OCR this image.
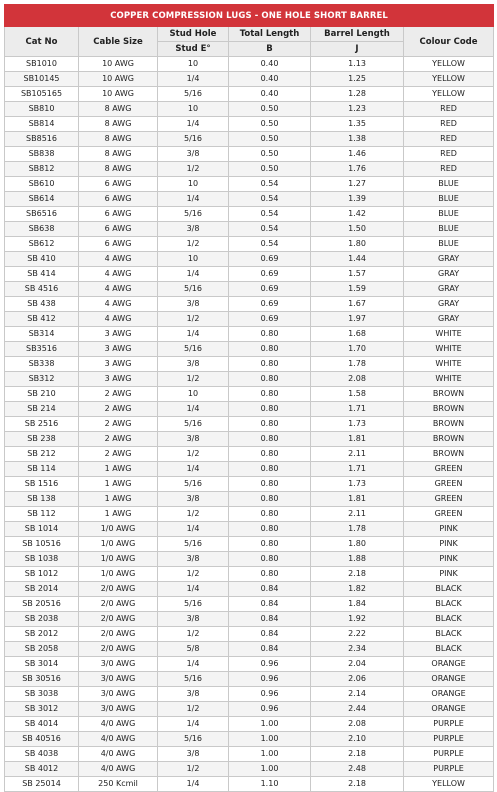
COPPER COMPRESSION LUGS - ONE HOLE SHORT BARREL					
Cat No	Cable Size	Stud Hole	Total Length	Barrel Length	Colour Code
		Stud E°	B	J	
SB1010	10 AWG	10	0.40	1.13	YELLOW
SB10145	10 AWG	1/4	0.40	1.25	YELLOW
SB105165	10 AWG	5/16	0.40	1.28	YELLOW
SB810	8 AWG	10	0.50	1.23	RED
SB814	8 AWG	1/4	0.50	1.35	RED
SB8516	8 AWG	5/16	0.50	1.38	RED
SB838	8 AWG	3/8	0.50	1.46	RED
SB812	8 AWG	1/2	0.50	1.76	RED
SB610	6 AWG	10	0.54	1.27	BLUE
SB614	6 AWG	1/4	0.54	1.39	BLUE
SB6516	6 AWG	5/16	0.54	1.42	BLUE
SB638	6 AWG	3/8	0.54	1.50	BLUE
SB612	6 AWG	1/2	0.54	1.80	BLUE
SB 410	4 AWG	10	0.69	1.44	GRAY
SB 414	4 AWG	1/4	0.69	1.57	GRAY
SB 4516	4 AWG	5/16	0.69	1.59	GRAY
SB 438	4 AWG	3/8	0.69	1.67	GRAY
SB 412	4 AWG	1/2	0.69	1.97	GRAY
SB314	3 AWG	1/4	0.80	1.68	WHITE
SB3516	3 AWG	5/16	0.80	1.70	WHITE
SB338	3 AWG	3/8	0.80	1.78	WHITE
SB312	3 AWG	1/2	0.80	2.08	WHITE
SB 210	2 AWG	10	0.80	1.58	BROWN
SB 214	2 AWG	1/4	0.80	1.71	BROWN
SB 2516	2 AWG	5/16	0.80	1.73	BROWN
SB 238	2 AWG	3/8	0.80	1.81	BROWN
SB 212	2 AWG	1/2	0.80	2.11	BROWN
SB 114	1 AWG	1/4	0.80	1.71	GREEN
SB 1516	1 AWG	5/16	0.80	1.73	GREEN
SB 138	1 AWG	3/8	0.80	1.81	GREEN
SB 112	1 AWG	1/2	0.80	2.11	GREEN
SB 1014	1/0 AWG	1/4	0.80	1.78	PINK
SB 10516	1/0 AWG	5/16	0.80	1.80	PINK
SB 1038	1/0 AWG	3/8	0.80	1.88	PINK
SB 1012	1/0 AWG	1/2	0.80	2.18	PINK
SB 2014	2/0 AWG	1/4	0.84	1.82	BLACK
SB 20516	2/0 AWG	5/16	0.84	1.84	BLACK
SB 2038	2/0 AWG	3/8	0.84	1.92	BLACK
SB 2012	2/0 AWG	1/2	0.84	2.22	BLACK
SB 2058	2/0 AWG	5/8	0.84	2.34	BLACK
SB 3014	3/0 AWG	1/4	0.96	2.04	ORANGE
SB 30516	3/0 AWG	5/16	0.96	2.06	ORANGE
SB 3038	3/0 AWG	3/8	0.96	2.14	ORANGE
SB 3012	3/0 AWG	1/2	0.96	2.44	ORANGE
SB 4014	4/0 AWG	1/4	1.00	2.08	PURPLE
SB 40516	4/0 AWG	5/16	1.00	2.10	PURPLE
SB 4038	4/0 AWG	3/8	1.00	2.18	PURPLE
SB 4012	4/0 AWG	1/2	1.00	2.48	PURPLE
SB 25014	250 Kcmil	1/4	1.10	2.18	YELLOW
